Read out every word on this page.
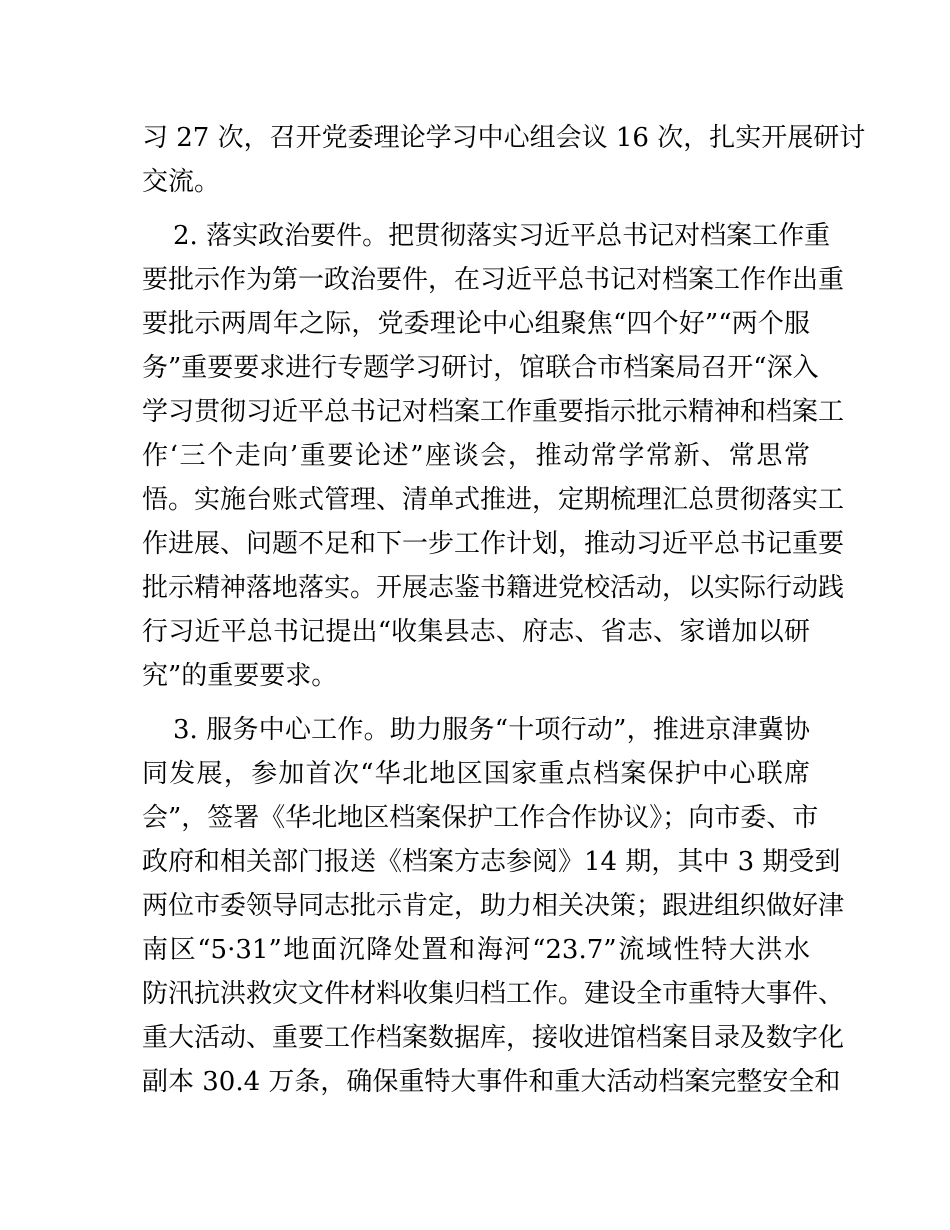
习 27 次，召开党委理论学习中心组会议 16 次，扎实开展研讨
交流。
2. 落实政治要件。把贯彻落实习近平总书记对档案工作重
要批示作为第一政治要件，在习近平总书记对档案工作作出重
要批示两周年之际，党委理论中心组聚焦“四个好”“两个服
务”重要要求进行专题学习研讨，馆联合市档案局召开“深入
学习贯彻习近平总书记对档案工作重要指示批示精神和档案工
作‘三个走向’重要论述”座谈会，推动常学常新、常思常
悟。实施台账式管理、清单式推进，定期梳理汇总贯彻落实工
作进展、问题不足和下一步工作计划，推动习近平总书记重要
批示精神落地落实。开展志鉴书籍进党校活动，以实际行动践
行习近平总书记提出“收集县志、府志、省志、家谱加以研
究”的重要要求。
3. 服务中心工作。助力服务“十项行动”，推进京津冀协
同发展，参加首次“华北地区国家重点档案保护中心联席
会”，签署《华北地区档案保护工作合作协议》；向市委、市
政府和相关部门报送《档案方志参阅》14 期，其中 3 期受到
两位市委领导同志批示肯定，助力相关决策；跟进组织做好津
南区“5·31”地面沉降处置和海河“23.7”流域性特大洪水
防汛抗洪救灾文件材料收集归档工作。建设全市重特大事件、
重大活动、重要工作档案数据库，接收进馆档案目录及数字化
副本 30.4 万条，确保重特大事件和重大活动档案完整安全和
